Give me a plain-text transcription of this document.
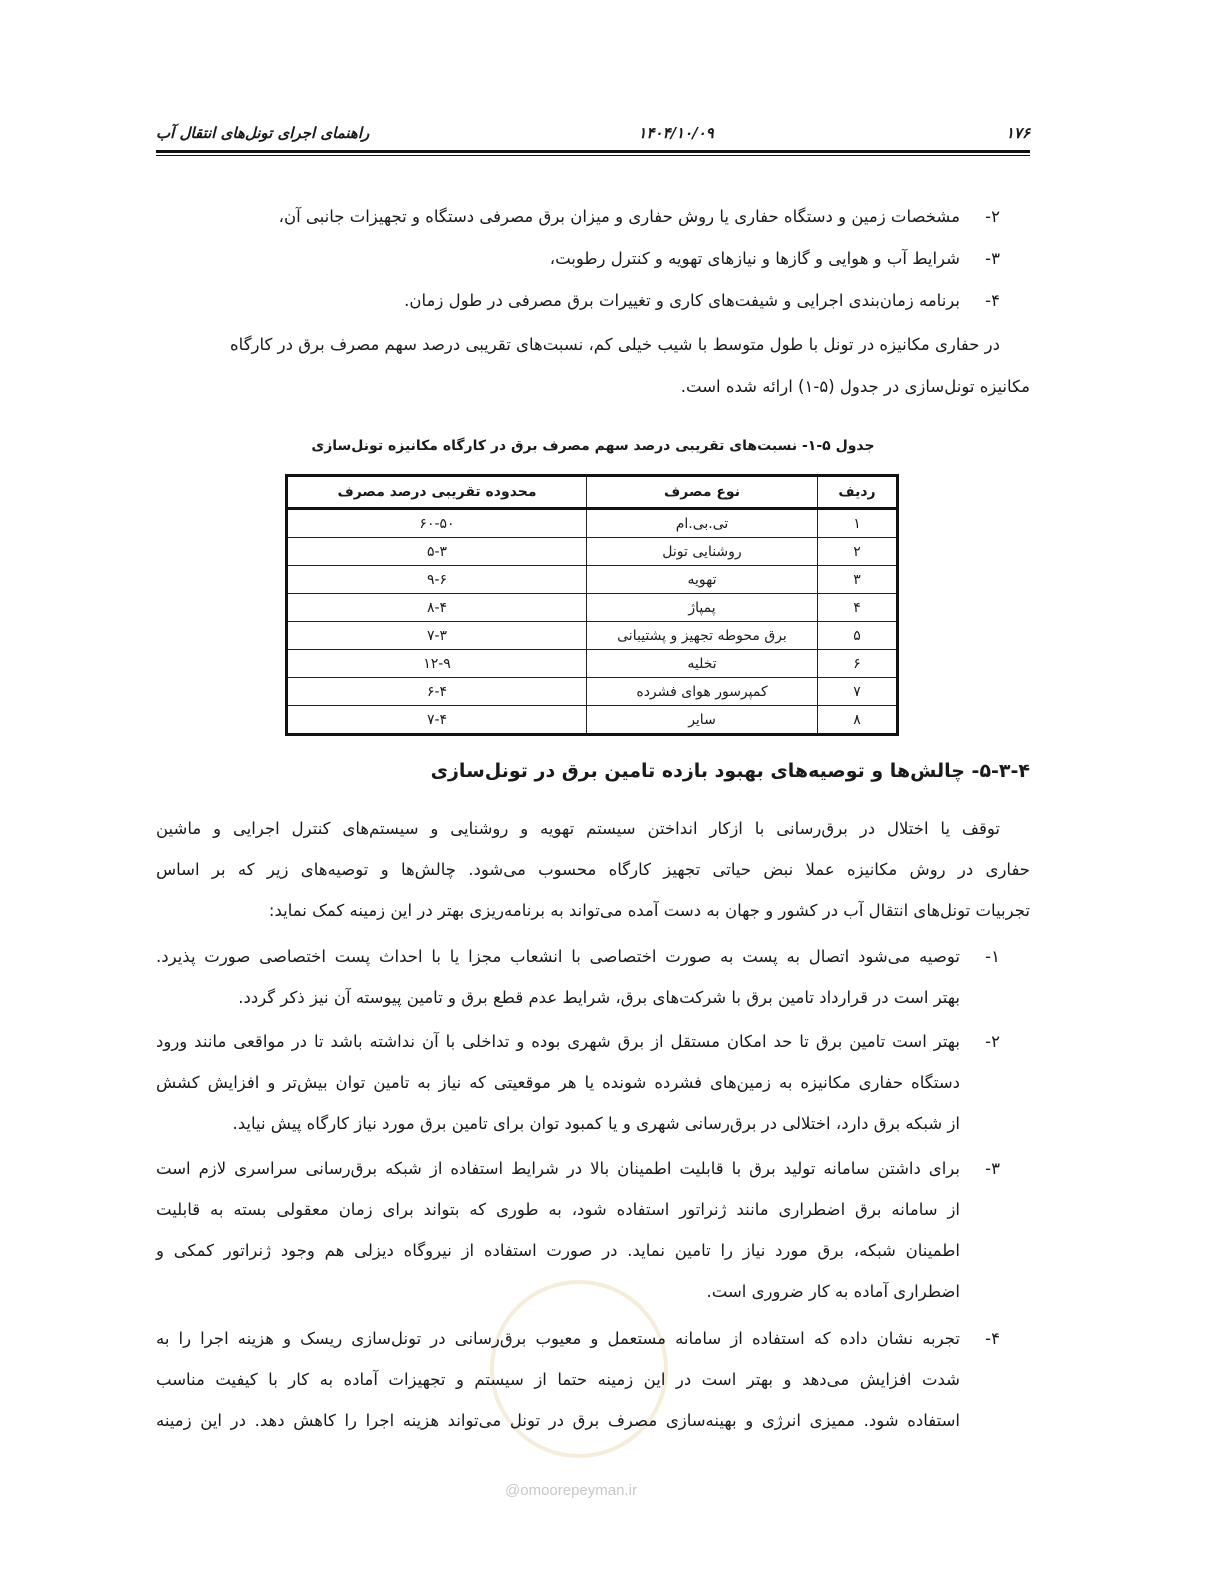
۱۷۶
۱۴۰۴/۱۰/۰۹
راهنمای اجرای تونل‌های انتقال آب
۲-
مشخصات زمین و دستگاه حفاری یا روش حفاری و میزان برق مصرفی دستگاه و تجهیزات جانبی آن،
۳-
شرایط آب و هوایی و گازها و نیازهای تهویه و کنترل رطوبت،
۴-
برنامه زمان‌بندی اجرایی و شیفت‌های کاری و تغییرات برق مصرفی در طول زمان.
در حفاری مکانیزه در تونل با طول متوسط با شیب خیلی کم، نسبت‌های تقریبی درصد سهم مصرف برق در کارگاه
مکانیزه تونل‌سازی در جدول (۵-۱) ارائه شده است.
جدول ۵-۱- نسبت‌های تقریبی درصد سهم مصرف برق در کارگاه مکانیزه تونل‌سازی
ردیف	نوع مصرف	محدوده تقریبی درصد مصرف
۱	تی.بی.ام	۶۰-۵۰
۲	روشنایی تونل	۵-۳
۳	تهویه	۹-۶
۴	پمپاژ	۸-۴
۵	برق محوطه تجهیز و پشتیبانی	۷-۳
۶	تخلیه	۱۲-۹
۷	کمپرسور هوای فشرده	۶-۴
۸	سایر	۷-۴
۵-۳-۴- چالش‌ها و توصیه‌های بهبود بازده تامین برق در تونل‌سازی
توقف یا اختلال در برق‌رسانی با ازکار انداختن سیستم تهویه و روشنایی و سیستم‌های کنترل اجرایی و ماشین
حفاری در روش مکانیزه عملا نبض حیاتی تجهیز کارگاه محسوب می‌شود. چالش‌ها و توصیه‌های زیر که بر اساس
تجربیات تونل‌های انتقال آب در کشور و جهان به دست آمده می‌تواند به برنامه‌ریزی بهتر در این زمینه کمک نماید:
۱-
توصیه می‌شود اتصال به پست به صورت اختصاصی با انشعاب مجزا یا با احداث پست اختصاصی صورت پذیرد.
بهتر است در قرارداد تامین برق با شرکت‌های برق، شرایط عدم قطع برق و تامین پیوسته آن نیز ذکر گردد.
۲-
بهتر است تامین برق تا حد امکان مستقل از برق شهری بوده و تداخلی با آن نداشته باشد تا در مواقعی مانند ورود
دستگاه حفاری مکانیزه به زمین‌های فشرده شونده یا هر موقعیتی که نیاز به تامین توان بیش‌تر و افزایش کشش
از شبکه برق دارد، اختلالی در برق‌رسانی شهری و یا کمبود توان برای تامین برق مورد نیاز کارگاه پیش نیاید.
۳-
برای داشتن سامانه تولید برق با قابلیت اطمینان بالا در شرایط استفاده از شبکه برق‌رسانی سراسری لازم است
از سامانه برق اضطراری مانند ژنراتور استفاده شود، به طوری که بتواند برای زمان معقولی بسته به قابلیت
اطمینان شبکه، برق مورد نیاز را تامین نماید. در صورت استفاده از نیروگاه دیزلی هم وجود ژنراتور کمکی و
اضطراری آماده به کار ضروری است.
۴-
تجربه نشان داده که استفاده از سامانه مستعمل و معیوب برق‌رسانی در تونل‌سازی ریسک و هزینه اجرا را به
شدت افزایش می‌دهد و بهتر است در این زمینه حتما از سیستم و تجهیزات آماده به کار با کیفیت مناسب
استفاده شود. ممیزی انرژی و بهینه‌سازی مصرف برق در تونل می‌تواند هزینه اجرا را کاهش دهد. در این زمینه
@omoorepeyman.ir
